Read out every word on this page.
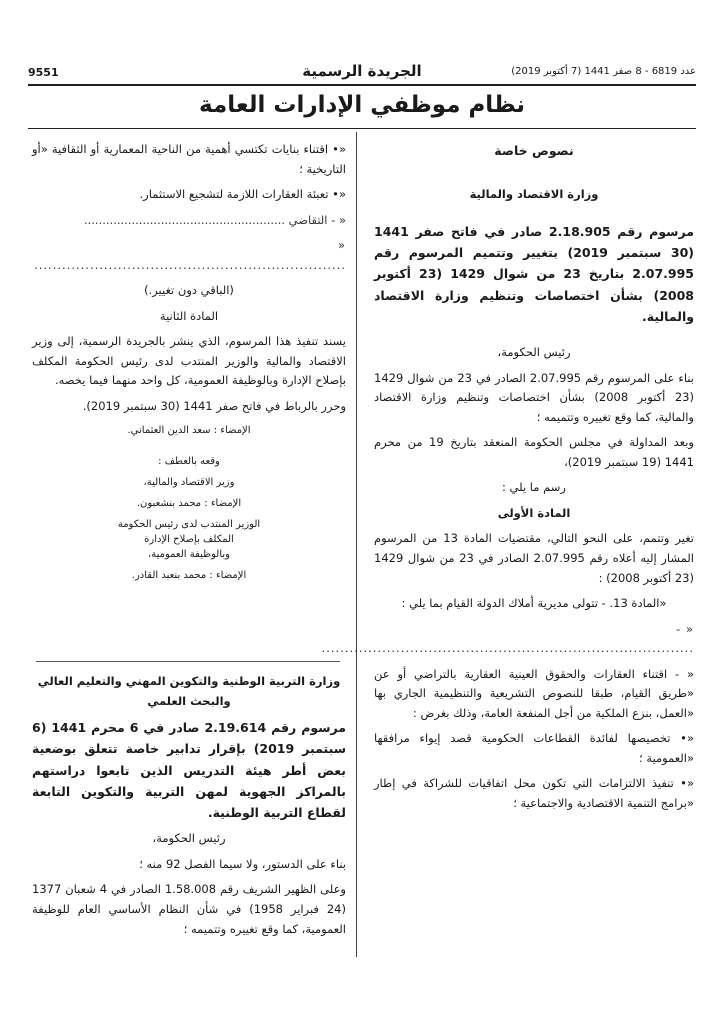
9551	الجريدة الرسمية	عدد 6819 - 8 صفر 1441 (7 أكتوبر 2019)
نظام موظفي الإدارات العامة

نصوص خاصة

وزارة الاقتصاد والمالية

مرسوم رقم 2.18.905 صادر في فاتح صفر 1441 (30 سبتمبر 2019) بتغيير وتتميم المرسوم رقم 2.07.995 بتاريخ 23 من شوال 1429 (23 أكتوبر 2008) بشأن اختصاصات وتنظيم وزارة الاقتصاد والمالية.

رئيس الحكومة،

بناء على المرسوم رقم 2.07.995 الصادر في 23 من شوال 1429 (23 أكتوبر 2008) بشأن اختصاصات وتنظيم وزارة الاقتصاد والمالية، كما وقع تغييره وتتميمه ؛

وبعد المداولة في مجلس الحكومة المنعقد بتاريخ 19 من محرم 1441 (19 سبتمبر 2019)،

رسم ما يلي :

المادة الأولى

تغير وتتمم، على النحو التالي، مقتضيات المادة 13 من المرسوم المشار إليه أعلاه رقم 2.07.995 الصادر في 23 من شوال 1429 (23 أكتوبر 2008) :

«المادة 13. - تتولى مديرية أملاك الدولة القيام بما يلي :

« - ................................................................................

« - اقتناء العقارات والحقوق العينية العقارية بالتراضي أو عن «طريق القيام، طبقا للنصوص التشريعية والتنظيمية الجاري بها «العمل، بنزع الملكية من أجل المنفعة العامة، وذلك بغرض :

«• تخصيصها لفائدة القطاعات الحكومية قصد إيواء مرافقها «العمومية ؛

«• تنفيذ الالتزامات التي تكون محل اتفاقيات للشراكة في إطار «برامج التنمية الاقتصادية والاجتماعية ؛

«• اقتناء بنايات تكتسي أهمية من الناحية المعمارية أو الثقافية «أو التاريخية ؛

«• تعبئة العقارات اللازمة لتشجيع الاستثمار.

« - التقاضي .......................................................

« ...................................................................

(الباقي دون تغيير.)

المادة الثانية

يسند تنفيذ هذا المرسوم، الذي ينشر بالجريدة الرسمية، إلى وزير الاقتصاد والمالية والوزير المنتدب لدى رئيس الحكومة المكلف بإصلاح الإدارة وبالوظيفة العمومية، كل واحد منهما فيما يخصه.

وحرر بالرباط في فاتح صفر 1441 (30 سبتمبر 2019).

الإمضاء : سعد الدين العثماني.

وقعه بالعطف :

وزير الاقتصاد والمالية،

الإمضاء : محمد بنشعبون.

الوزير المنتدب لدى رئيس الحكومة

المكلف بإصلاح الإدارة

وبالوظيفة العمومية،

الإمضاء : محمد بنعبد القادر.

وزارة التربية الوطنية والتكوين المهني والتعليم العالي والبحث العلمي

مرسوم رقم 2.19.614 صادر في 6 محرم 1441 (6 سبتمبر 2019) بإقرار تدابير خاصة تتعلق بوضعية بعض أطر هيئة التدريس الذين تابعوا دراستهم بالمراكز الجهوية لمهن التربية والتكوين التابعة لقطاع التربية الوطنية.

رئيس الحكومة،

بناء على الدستور، ولا سيما الفصل 92 منه ؛

وعلى الظهير الشريف رقم 1.58.008 الصادر في 4 شعبان 1377 (24 فبراير 1958) في شأن النظام الأساسي العام للوظيفة العمومية، كما وقع تغييره وتتميمه ؛
